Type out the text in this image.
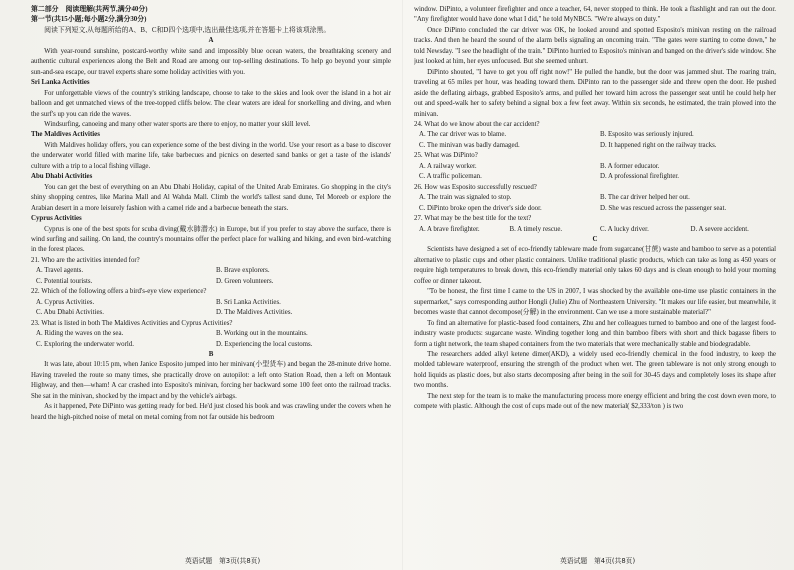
第二部分　阅读理解(共两节,满分40分)

第一节(共15小题;每小题2分,满分30分)

阅读下列短文,从每题所给的A、B、C和D四个选项中,选出最佳选项,并在答题卡上将该项涂黑。

A

With year-round sunshine, postcard-worthy white sand and impossibly blue ocean waters, the breathtaking scenery and authentic cultural experiences along the Belt and Road are among our top-selling destinations. To help go beyond your simple sun-and-sea escape, our travel experts share some holiday activities with you.

Sri Lanka Activities

For unforgettable views of the country's striking landscape, choose to take to the skies and look over the island in a hot air balloon and get unmatched views of the tree-topped cliffs below. The clear waters are ideal for snorkelling and diving, and when the surf's up you can ride the waves.

Windsurfing, canoeing and many other water sports are there to enjoy, no matter your skill level.

The Maldives Activities

With Maldives holiday offers, you can experience some of the best diving in the world. Use your resort as a base to discover the underwater world filled with marine life, take barbecues and picnics on deserted sand banks or get a taste of the islands' culture with a trip to a local fishing village.

Abu Dhabi Activities

You can get the best of everything on an Abu Dhabi Holiday, capital of the United Arab Emirates. Go shopping in the city's shiny shopping centres, like Marina Mall and Al Wahda Mall. Climb the world's tallest sand dune, Tel Moreeb or explore the Arabian desert in a more leisurely fashion with a camel ride and a barbecue beneath the stars.

Cyprus Activities

Cyprus is one of the best spots for scuba diving(戴水肺潜水) in Europe, but if you prefer to stay above the surface, there is wind surfing and sailing. On land, the country's mountains offer the perfect place for walking and hiking, and even bird-watching in the forest places.

21. Who are the activities intended for?

A. Travel agents.	B. Brave explorers.
C. Potential tourists.	D. Green volunteers.

22. Which of the following offers a bird's-eye view experience?

A. Cyprus Activities.	B. Sri Lanka Activities.
C. Abu Dhabi Activities.	D. The Maldives Activities.

23. What is listed in both The Maldives Activities and Cyprus Activities?

A. Riding the waves on the sea.	B. Working out in the mountains.
C. Exploring the underwater world.	D. Experiencing the local customs.

B

It was late, about 10:15 pm, when Janice Esposito jumped into her minivan(小型货车) and began the 28-minute drive home. Having traveled the route so many times, she practically drove on autopilot: a left onto Station Road, then a left on Montauk Highway, and then—wham! A car crashed into Esposito's minivan, forcing her backward some 100 feet onto the railroad tracks. She sat in the minivan, shocked by the impact and by the vehicle's airbags.

As it happened, Pete DiPinto was getting ready for bed. He'd just closed his book and was crawling under the covers when he heard the high-pitched noise of metal on metal coming from not far outside his bedroom

window. DiPinto, a volunteer firefighter and once a teacher, 64, never stopped to think. He took a flashlight and ran out the door. "Any firefighter would have done what I did," he told MyNBC5. "We're always on duty."

Once DiPinto concluded the car driver was OK, he looked around and spotted Esposito's minivan resting on the railroad tracks. And then he heard the sound of the alarm bells signaling an oncoming train. "The gates were starting to come down," he told Newsday. "I see the headlight of the train." DiPinto hurried to Esposito's minivan and banged on the driver's side window. She just looked at him, her eyes unfocused. But she seemed unhurt.

DiPinto shouted, "I have to get you off right now!" He pulled the handle, but the door was jammed shut. The roaring train, traveling at 65 miles per hour, was heading toward them. DiPinto ran to the passenger side and threw open the door. He pushed aside the deflating airbags, grabbed Esposito's arms, and pulled her toward him across the passenger seat until he could help her out and speed-walk her to safety behind a signal box a few feet away. Within six seconds, he estimated, the train plowed into the minivan.

24. What do we know about the car accident?

A. The car driver was to blame.	B. Esposito was seriously injured.
C. The minivan was badly damaged.	D. It happened right on the railway tracks.

25. What was DiPinto?

A. A railway worker.	B. A former educator.
C. A traffic policeman.	D. A professional firefighter.

26. How was Esposito successfully rescued?

A. The train was signaled to stop.	B. The car driver helped her out.
C. DiPinto broke open the driver's side door.	D. She was rescued across the passenger seat.

27. What may be the best title for the text?

A. A brave firefighter.	B. A timely rescue.	C. A lucky driver.	D. A severe accident.

C

Scientists have designed a set of eco-friendly tableware made from sugarcane(甘蔗) waste and bamboo to serve as a potential alternative to plastic cups and other plastic containers. Unlike traditional plastic products, which can take as long as 450 years or require high temperatures to break down, this eco-friendly material only takes 60 days and is clean enough to hold your morning coffee or dinner takeout.

"To be honest, the first time I came to the US in 2007, I was shocked by the available one-time use plastic containers in the supermarket," says corresponding author Hongli (Julie) Zhu of Northeastern University. "It makes our life easier, but meanwhile, it becomes waste that cannot decompose(分解) in the environment. Can we use a more sustainable material?"

To find an alternative for plastic-based food containers, Zhu and her colleagues turned to bamboo and one of the largest food-industry waste products: sugarcane waste. Winding together long and thin bamboo fibers with short and thick bagasse fibers to form a tight network, the team shaped containers from the two materials that were mechanically stable and biodegradable.

The researchers added alkyl ketene dimer(AKD), a widely used eco-friendly chemical in the food industry, to keep the molded tableware waterproof, ensuring the strength of the product when wet. The green tableware is not only strong enough to hold liquids as plastic does, but also starts decomposing after being in the soil for 30-45 days and completely loses its shape after two months.

The next step for the team is to make the manufacturing process more energy efficient and bring the cost down even more, to compete with plastic. Although the cost of cups made out of the new material( $2,333/ton ) is two

英语试题　第3页(共8页)	英语试题　第4页(共8页)
